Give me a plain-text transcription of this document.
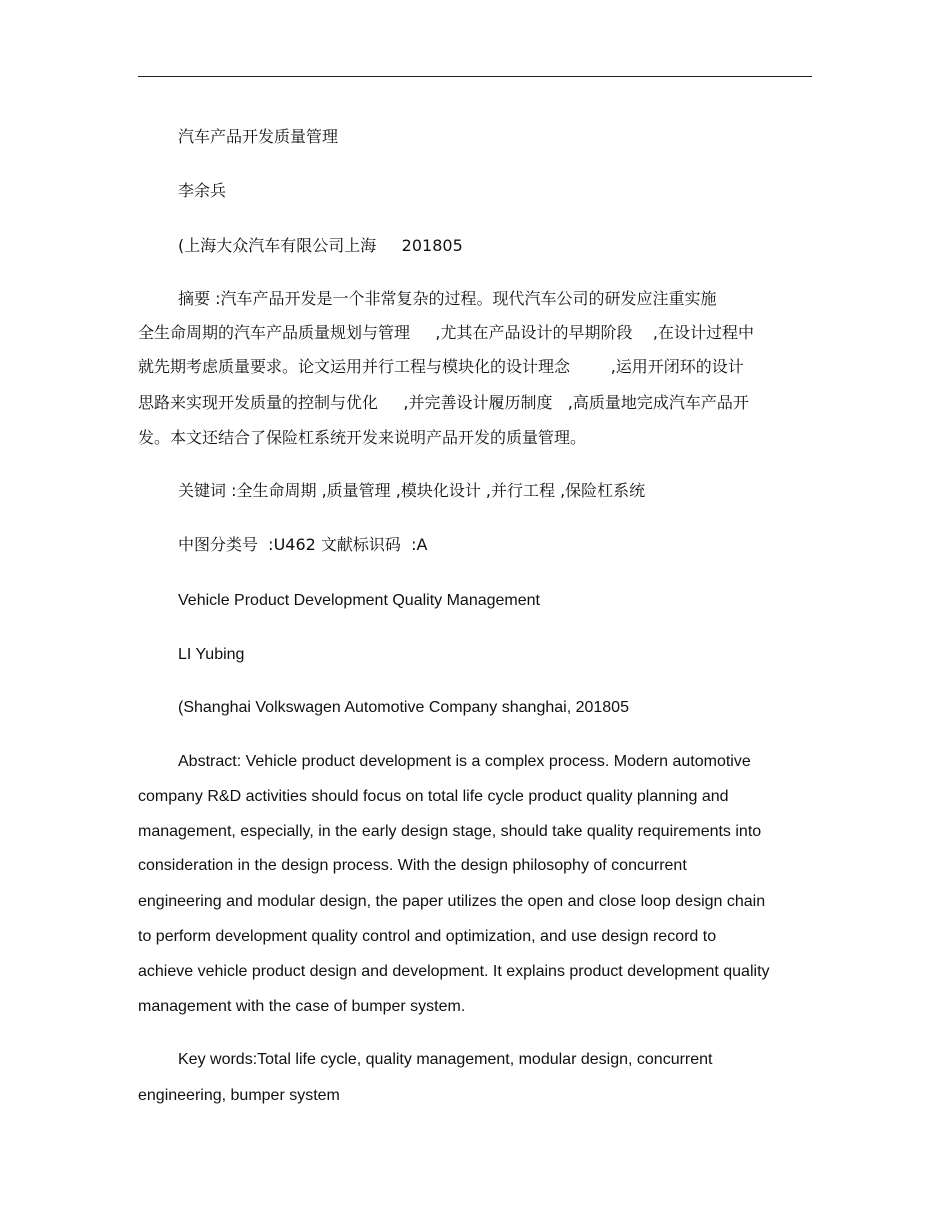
汽车产品开发质量管理
李余兵
(上海大众汽车有限公司上海     201805
摘要 :汽车产品开发是一个非常复杂的过程。现代汽车公司的研发应注重实施
全生命周期的汽车产品质量规划与管理     ,尤其在产品设计的早期阶段    ,在设计过程中
就先期考虑质量要求。论文运用并行工程与模块化的设计理念        ,运用开闭环的设计
思路来实现开发质量的控制与优化     ,并完善设计履历制度   ,高质量地完成汽车产品开
发。本文还结合了保险杠系统开发来说明产品开发的质量管理。
关键词 :全生命周期 ,质量管理 ,模块化设计 ,并行工程 ,保险杠系统
中图分类号  :U462 文献标识码  :A
Vehicle Product Development Quality Management
LI Yubing
(Shanghai Volkswagen Automotive Company shanghai, 201805
Abstract: Vehicle product development is a complex process. Modern automotive
company R&D activities should focus on total life cycle product quality planning and
management, especially, in the early design stage, should take quality requirements into
consideration in the design process. With the design philosophy of concurrent
engineering and modular design, the paper utilizes the open and close loop design chain
to perform development quality control and optimization, and use design record to
achieve vehicle product design and development. It explains product development quality
management with the case of bumper system.
Key words:Total life cycle, quality management, modular design, concurrent
engineering, bumper system
